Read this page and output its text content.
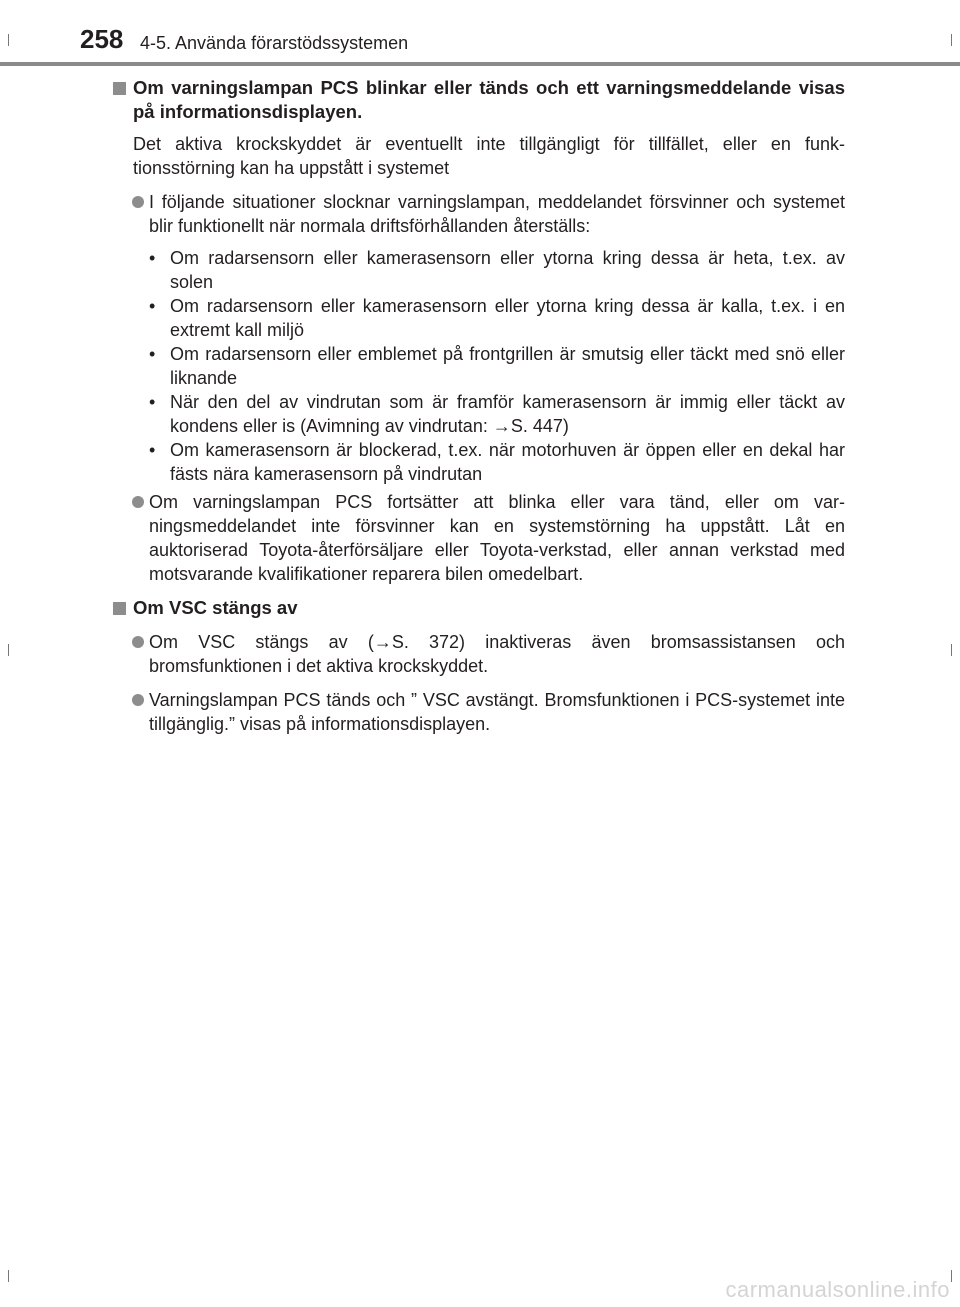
258 4-5. Använda förarstödssystemen
Om varningslampan PCS blinkar eller tänds och ett varningsmeddelande visas på informationsdisplayen.
Det aktiva krockskyddet är eventuellt inte tillgängligt för tillfället, eller en funk-tionsstörning kan ha uppstått i systemet
I följande situationer slocknar varningslampan, meddelandet försvinner och systemet blir funktionellt när normala driftsförhållanden återställs:
• Om radarsensorn eller kamerasensorn eller ytorna kring dessa är heta, t.ex. av solen
• Om radarsensorn eller kamerasensorn eller ytorna kring dessa är kalla, t.ex. i en extremt kall miljö
• Om radarsensorn eller emblemet på frontgrillen är smutsig eller täckt med snö eller liknande
• När den del av vindrutan som är framför kamerasensorn är immig eller täckt av kondens eller is (Avimning av vindrutan: →S. 447)
• Om kamerasensorn är blockerad, t.ex. när motorhuven är öppen eller en dekal har fästs nära kamerasensorn på vindrutan
Om varningslampan PCS fortsätter att blinka eller vara tänd, eller om var-ningsmeddelandet inte försvinner kan en systemstörning ha uppstått. Låt en auktoriserad Toyota-återförsäljare eller Toyota-verkstad, eller annan verkstad med motsvarande kvalifikationer reparera bilen omedelbart.
Om VSC stängs av
Om VSC stängs av (→S. 372) inaktiveras även bromsassistansen och bromsfunktionen i det aktiva krockskyddet.
Varningslampan PCS tänds och ” VSC avstängt. Bromsfunktionen i PCS-systemet inte tillgänglig.” visas på informationsdisplayen.
carmanualsonline.info
